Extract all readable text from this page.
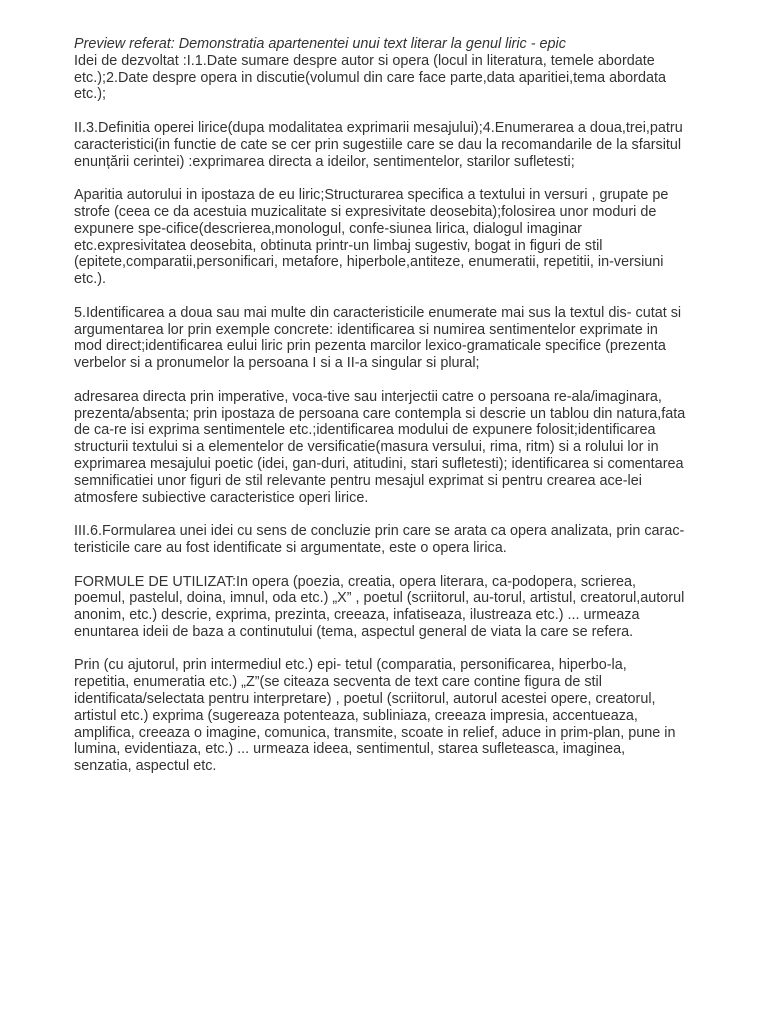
Preview referat: Demonstratia apartenentei unui text literar la genul liric - epic
Idei de dezvoltat :I.1.Date sumare despre autor si opera (locul in literatura, temele abordate
etc.);2.Date despre opera in discutie(volumul din care face parte,data aparitiei,tema abordata
etc.);
II.3.Definitia operei lirice(dupa modalitatea exprimarii mesajului);4.Enumerarea a doua,trei,patru
caracteristici(in functie de cate se cer prin sugestiile care se dau la recomandarile de la sfarsitul
enunțării cerintei) :exprimarea directa a ideilor, sentimentelor, starilor sufletesti;
Aparitia autorului in ipostaza de eu liric;Structurarea specifica a textului in versuri , grupate pe
strofe (ceea ce da acestuia muzicalitate si expresivitate deosebita);folosirea unor moduri de
expunere spe-cifice(descrierea,monologul, confe-siunea lirica, dialogul imaginar
etc.expresivitatea deosebita, obtinuta printr-un limbaj sugestiv, bogat in figuri de stil
(epitete,comparatii,personificari, metafore, hiperbole,antiteze, enumeratii, repetitii, in-versiuni
etc.).
5.Identificarea a doua sau mai multe din caracteristicile enumerate mai sus la textul dis- cutat si
argumentarea lor prin exemple concrete: identificarea si numirea sentimentelor exprimate in
mod direct;identificarea eului liric prin pezenta marcilor lexico-gramaticale specifice (prezenta
verbelor si a pronumelor la persoana I si a II-a singular si plural;
adresarea directa prin imperative, voca-tive sau interjectii catre o persoana re-ala/imaginara,
prezenta/absenta; prin ipostaza de persoana care contempla si descrie un tablou din natura,fata
de ca-re isi exprima sentimentele etc.;identificarea modului de expunere folosit;identificarea
structurii textului si a elementelor de versificatie(masura versului, rima, ritm) si a rolului lor in
exprimarea mesajului poetic (idei, gan-duri, atitudini, stari sufletesti); identificarea si comentarea
semnificatiei unor figuri de stil relevante pentru mesajul exprimat si pentru crearea ace-lei
atmosfere subiective caracteristice operi lirice.
III.6.Formularea unei idei cu sens de concluzie prin care se arata ca opera analizata, prin carac-
teristicile care au fost identificate si argumentate, este o opera lirica.
FORMULE DE UTILIZAT:In opera (poezia, creatia, opera literara, ca-podopera, scrierea,
poemul, pastelul, doina, imnul, oda etc.) „X” , poetul (scriitorul, au-torul, artistul, creatorul,autorul
anonim, etc.) descrie, exprima, prezinta, creeaza, infatiseaza, ilustreaza etc.) ... urmeaza
enuntarea ideii de baza a continutului (tema, aspectul general de viata la care se refera.
Prin (cu ajutorul, prin intermediul etc.) epi- tetul (comparatia, personificarea, hiperbo-la,
repetitia, enumeratia etc.) „Z”(se citeaza secventa de text care contine figura de stil
identificata/selectata pentru interpretare) , poetul (scriitorul, autorul acestei opere, creatorul,
artistul etc.) exprima (sugereaza potenteaza, subliniaza, creeaza impresia, accentueaza,
amplifica, creeaza o imagine, comunica, transmite, scoate in relief, aduce in prim-plan, pune in
lumina, evidentiaza, etc.) ... urmeaza ideea, sentimentul, starea sufleteasca, imaginea,
senzatia, aspectul etc.
